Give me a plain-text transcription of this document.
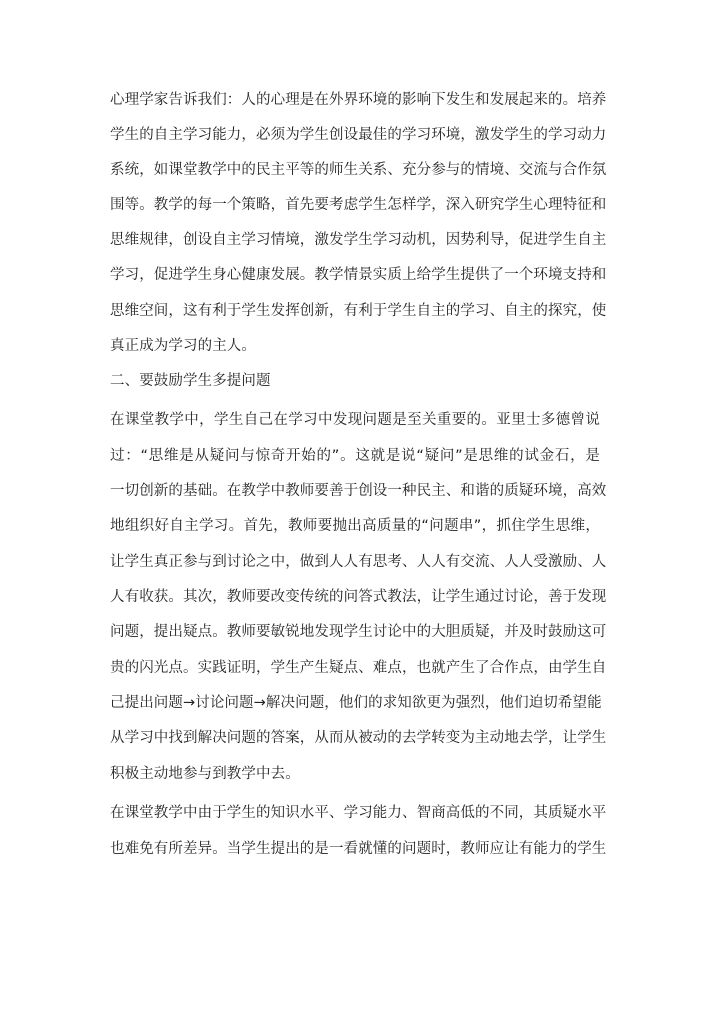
心理学家告诉我们：人的心理是在外界环境的影响下发生和发展起来的。培养
学生的自主学习能力，必须为学生创设最佳的学习环境，激发学生的学习动力
系统，如课堂教学中的民主平等的师生关系、充分参与的情境、交流与合作氛
围等。教学的每一个策略，首先要考虑学生怎样学，深入研究学生心理特征和
思维规律，创设自主学习情境，激发学生学习动机，因势利导，促进学生自主
学习，促进学生身心健康发展。教学情景实质上给学生提供了一个环境支持和
思维空间，这有利于学生发挥创新，有利于学生自主的学习、自主的探究，使
真正成为学习的主人。
二、要鼓励学生多提问题
在课堂教学中，学生自己在学习中发现问题是至关重要的。亚里士多德曾说
过：“思维是从疑问与惊奇开始的”。这就是说“疑问”是思维的试金石，是
一切创新的基础。在教学中教师要善于创设一种民主、和谐的质疑环境，高效
地组织好自主学习。首先，教师要抛出高质量的“问题串”，抓住学生思维，
让学生真正参与到讨论之中，做到人人有思考、人人有交流、人人受激励、人
人有收获。其次，教师要改变传统的问答式教法，让学生通过讨论，善于发现
问题，提出疑点。教师要敏锐地发现学生讨论中的大胆质疑，并及时鼓励这可
贵的闪光点。实践证明，学生产生疑点、难点，也就产生了合作点，由学生自
己提出问题→讨论问题→解决问题，他们的求知欲更为强烈，他们迫切希望能
从学习中找到解决问题的答案，从而从被动的去学转变为主动地去学，让学生
积极主动地参与到教学中去。
在课堂教学中由于学生的知识水平、学习能力、智商高低的不同，其质疑水平
也难免有所差异。当学生提出的是一看就懂的问题时，教师应让有能力的学生
